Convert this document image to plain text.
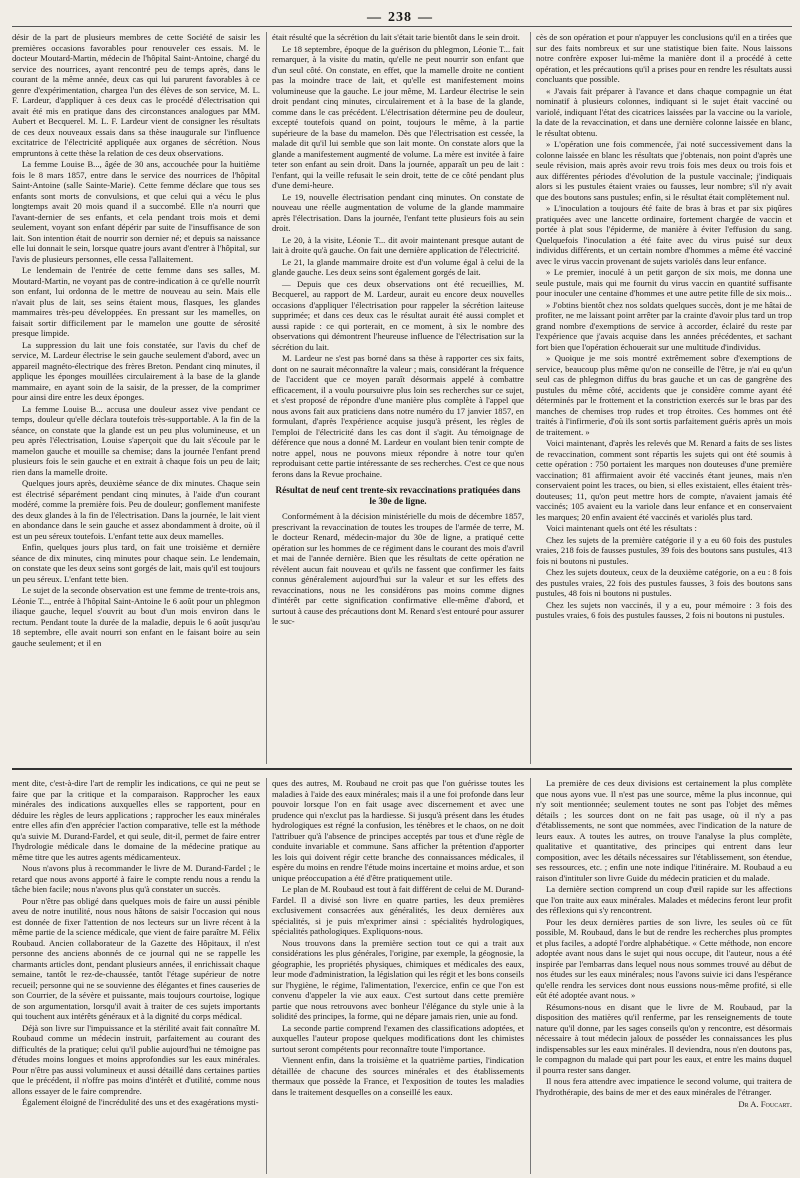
— 238 —

désir de la part de plusieurs membres de cette Société de saisir les premières occasions favorables pour renouveler ces essais. M. le docteur Moutard-Martin, médecin de l'hôpital Saint-Antoine, chargé du service des nourrices, ayant rencontré peu de temps après, dans le courant de la même année, deux cas qui lui parurent favorables à ce genre d'expérimentation, chargea l'un des élèves de son service, M. L. F. Lardeur, d'appliquer à ces deux cas le procédé d'électrisation qui avait été mis en pratique dans des circonstances analogues par MM. Aubert et Becquerel. M. L. F. Lardeur vient de consigner les résultats de ces deux nouveaux essais dans sa thèse inaugurale sur l'influence excitatrice de l'électricité appliquée aux organes de sécrétion. Nous empruntons à cette thèse la relation de ces deux observations.

La femme Louise B..., âgée de 30 ans, accouchée pour la huitième fois le 8 mars 1857, entre dans le service des nourrices de l'hôpital Saint-Antoine (salle Sainte-Marie). Cette femme déclare que tous ses enfants sont morts de convulsions, et que celui qui a vécu le plus longtemps avait 20 mois quand il a succombé. Elle n'a nourri que l'avant-dernier de ses enfants, et cela pendant trois mois et demi seulement, voyant son enfant dépérir par suite de l'insuffisance de son lait. Son intention était de nourrir son dernier né; et depuis sa naissance elle lui donnait le sein, lorsque quatre jours avant d'entrer à l'hôpital, sur l'avis de plusieurs personnes, elle cessa l'allaitement.

Le lendemain de l'entrée de cette femme dans ses salles, M. Moutard-Martin, ne voyant pas de contre-indication à ce qu'elle nourrît son enfant, lui ordonna de le mettre de nouveau au sein. Mais elle n'avait plus de lait, ses seins étaient mous, flasques, les glandes mammaires très-peu développées. En pressant sur les mamelles, on faisait sortir difficilement par le mamelon une goutte de sérosité presque limpide.

La suppression du lait une fois constatée, sur l'avis du chef de service, M. Lardeur électrise le sein gauche seulement d'abord, avec un appareil magnéto-électrique des frères Breton. Pendant cinq minutes, il applique les éponges mouillées circulairement à la base de la glande mammaire, en ayant soin de la saisir, de la presser, de la comprimer pour ainsi dire entre les deux éponges.

La femme Louise B... accusa une douleur assez vive pendant ce temps, douleur qu'elle déclara toutefois très-supportable. A la fin de la séance, on constate que la glande est un peu plus volumineuse, et un peu après l'électrisation, Louise s'aperçoit que du lait s'écoule par le mamelon gauche et mouille sa chemise; dans la journée l'enfant prend plusieurs fois le sein gauche et en extrait à chaque fois un peu de lait; rien dans la mamelle droite.

Quelques jours après, deuxième séance de dix minutes. Chaque sein est électrisé séparément pendant cinq minutes, à l'aide d'un courant modéré, comme la première fois. Peu de douleur; gonflement manifeste des deux glandes à la fin de l'électrisation. Dans la journée, le lait vient en abondance dans le sein gauche et assez abondamment à droite, où il est un peu séreux toutefois. L'enfant tette aux deux mamelles.

Enfin, quelques jours plus tard, on fait une troisième et dernière séance de dix minutes, cinq minutes pour chaque sein. Le lendemain, on constate que les deux seins sont gorgés de lait, mais qu'il est toujours un peu séreux. L'enfant tette bien.

Le sujet de la seconde observation est une femme de trente-trois ans, Léonie T..., entrée à l'hôpital Saint-Antoine le 6 août pour un phlegmon iliaque gauche, lequel s'ouvrit au bout d'un mois environ dans le rectum. Pendant toute la durée de la maladie, depuis le 6 août jusqu'au 18 septembre, elle avait nourri son enfant en le faisant boire au sein gauche seulement; et il en

était résulté que la sécrétion du lait s'était tarie bientôt dans le sein droit.

Le 18 septembre, époque de la guérison du phlegmon, Léonie T... fait remarquer, à la visite du matin, qu'elle ne peut nourrir son enfant que d'un seul côté. On constate, en effet, que la mamelle droite ne contient pas la moindre trace de lait, et qu'elle est manifestement moins volumineuse que la gauche. Le jour même, M. Lardeur électrise le sein droit pendant cinq minutes, circulairement et à la base de la glande, comme dans le cas précédent. L'électrisation détermine peu de douleur, excepté toutefois quand on point, toujours le même, à la partie supérieure de la base du mamelon. Dès que l'électrisation est cessée, la malade dit qu'il lui semble que son lait monte. On constate alors que la glande a manifestement augmenté de volume. La mère est invitée à faire teter son enfant au sein droit. Dans la journée, apparaît un peu de lait : l'enfant, qui la veille refusait le sein droit, tette de ce côté pendant plus d'une demi-heure.

Le 19, nouvelle électrisation pendant cinq minutes. On constate de nouveau une réelle augmentation de volume de la glande mammaire après l'électrisation. Dans la journée, l'enfant tette plusieurs fois au sein droit.

Le 20, à la visite, Léonie T... dit avoir maintenant presque autant de lait à droite qu'à gauche. On fait une dernière application de l'électricité.

Le 21, la glande mammaire droite est d'un volume égal à celui de la glande gauche. Les deux seins sont également gorgés de lait.

— Depuis que ces deux observations ont été recueillies, M. Becquerel, au rapport de M. Lardeur, aurait eu encore deux nouvelles occasions d'appliquer l'électrisation pour rappeler la sécrétion laiteuse supprimée; et dans ces deux cas le résultat aurait été aussi complet et aussi rapide : ce qui porterait, en ce moment, à six le nombre des observations qui démontrent l'heureuse influence de l'électrisation sur la sécrétion du lait.

M. Lardeur ne s'est pas borné dans sa thèse à rapporter ces six faits, dont on ne saurait méconnaître la valeur ; mais, considérant la fréquence de l'accident que ce moyen paraît désormais appelé à combattre efficacement, il a voulu poursuivre plus loin ses recherches sur ce sujet, et s'est proposé de répondre d'une manière plus complète à l'appel que nous avons fait aux praticiens dans notre numéro du 17 janvier 1857, en formulant, d'après l'expérience acquise jusqu'à présent, les règles de l'emploi de l'électricité dans les cas dont il s'agit. Au témoignage de déférence que nous a donné M. Lardeur en voulant bien tenir compte de notre appel, nous ne pouvons mieux répondre à notre tour qu'en reproduisant cette partie intéressante de ses recherches. C'est ce que nous ferons dans la Revue prochaine.

Résultat de neuf cent trente-six revaccinations pratiquées dans le 30e de ligne.

Conformément à la décision ministérielle du mois de décembre 1857, prescrivant la revaccination de toutes les troupes de l'armée de terre, M. le docteur Renard, médecin-major du 30e de ligne, a pratiqué cette opération sur les hommes de ce régiment dans le courant des mois d'avril et mai de l'année dernière. Bien que les résultats de cette opération ne révèlent aucun fait nouveau et qu'ils ne fassent que confirmer les faits connus généralement aujourd'hui sur la valeur et sur les effets des revaccinations, nous ne les considérons pas moins comme dignes d'intérêt par cette signification confirmative elle-même d'abord, et surtout à cause des précautions dont M. Renard s'est entouré pour assurer le suc-

cès de son opération et pour n'appuyer les conclusions qu'il en a tirées que sur des faits nombreux et sur une statistique bien faite. Nous laissons notre confrère exposer lui-même la manière dont il a procédé à cette opération, et les précautions qu'il a prises pour en rendre les résultats aussi concluants que possible.

« J'avais fait préparer à l'avance et dans chaque compagnie un état nominatif à plusieurs colonnes, indiquant si le sujet était vacciné ou variolé, indiquant l'état des cicatrices laissées par la vaccine ou la variole, la date de la revaccination, et dans une dernière colonne laissée en blanc, le résultat obtenu.

» L'opération une fois commencée, j'ai noté successivement dans la colonne laissée en blanc les résultats que j'obtenais, non point d'après une seule révision, mais après avoir revu trois fois mes deux ou trois fois et aux différentes périodes d'évolution de la pustule vaccinale; j'indiquais alors si les pustules étaient vraies ou fausses, leur nombre; s'il n'y avait que des boutons sans pustules; enfin, si le résultat était complètement nul.

» L'inoculation a toujours été faite de bras à bras et par six piqûres pratiquées avec une lancette ordinaire, fortement chargée de vaccin et portée à plat sous l'épiderme, de manière à éviter l'effusion du sang. Quelquefois l'inoculation a été faite avec du virus puisé sur deux individus différents, et un certain nombre d'hommes a même été vacciné avec le virus vaccin provenant de sujets variolés dans leur enfance.

» Le premier, inoculé à un petit garçon de six mois, me donna une seule pustule, mais qui me fournit du virus vaccin en quantité suffisante pour inoculer une centaine d'hommes et une autre petite fille de six mois...

» J'obtins bientôt chez nos soldats quelques succès, dont je me hâtai de profiter, ne me laissant point arrêter par la crainte d'avoir plus tard un trop grand nombre d'exemptions de service à accorder, éclairé du reste par l'expérience que j'avais acquise dans les années précédentes, et sachant fort bien que l'opération échouerait sur une multitude d'individus.

» Quoique je me sois montré extrêmement sobre d'exemptions de service, beaucoup plus même qu'on ne conseille de l'être, je n'ai eu qu'un seul cas de phlegmon diffus du bras gauche et un cas de gangrène des pustules du même côté, accidents que je considère comme ayant été déterminés par le frottement et la constriction exercés sur le bras par des manches de chemises trop rudes et trop étroites. Ces hommes ont été traités à l'infirmerie, d'où ils sont sortis parfaitement guéris après un mois de traitement. »

Voici maintenant, d'après les relevés que M. Renard a faits de ses listes de revaccination, comment sont répartis les sujets qui ont été soumis à cette opération : 750 portaient les marques non douteuses d'une première vaccination; 81 affirmaient avoir été vaccinés étant jeunes, mais n'en conservaient point les traces, ou bien, si elles existaient, elles étaient très-douteuses; 11, qu'on peut mettre hors de compte, n'avaient jamais été vaccinés; 105 avaient eu la variole dans leur enfance et en conservaient les marques; 20 enfin avaient été vaccinés et variolés plus tard.

Voici maintenant quels ont été les résultats :

Chez les sujets de la première catégorie il y a eu 60 fois des pustules vraies, 218 fois de fausses pustules, 39 fois des boutons sans pustules, 413 fois ni boutons ni pustules.

Chez les sujets douteux, ceux de la deuxième catégorie, on a eu : 8 fois des pustules vraies, 22 fois des pustules fausses, 3 fois des boutons sans pustules, 48 fois ni boutons ni pustules.

Chez les sujets non vaccinés, il y a eu, pour mémoire : 3 fois des pustules vraies, 6 fois des pustules fausses, 2 fois ni boutons ni pustules.

ment dite, c'est-à-dire l'art de remplir les indications, ce qui ne peut se faire que par la critique et la comparaison. Rapprocher les eaux minérales des indications auxquelles elles se rapportent, pour en déduire les règles de leurs applications ; rapprocher les eaux minérales entre elles afin d'en apprécier l'action comparative, telle est la méthode qu'a suivie M. Durand-Fardel, et qui seule, dit-il, permet de faire entrer l'hydrologie médicale dans le domaine de la médecine pratique au même titre que les autres agents médicamenteux.

Nous n'avons plus à recommander le livre de M. Durand-Fardel ; le retard que nous avons apporté à faire le compte rendu nous a rendu la tâche bien facile; nous n'avons plus qu'à constater un succès.

Pour n'être pas obligé dans quelques mois de faire un aussi pénible aveu de notre inutilité, nous nous hâtons de saisir l'occasion qui nous est donnée de fixer l'attention de nos lecteurs sur un livre récent à la même partie de la science médicale, que vient de faire paraître M. Félix Roubaud. Ancien collaborateur de la Gazette des Hôpitaux, il n'est personne des anciens abonnés de ce journal qui ne se rappelle les charmants articles dont, pendant plusieurs années, il enrichissait chaque semaine, tantôt le rez-de-chaussée, tantôt l'étage supérieur de notre recueil; personne qui ne se souvienne des élégantes et fines causeries de son Courrier, de la sévère et puissante, mais toujours courtoise, logique de son argumentation, lorsqu'il avait à traiter de ces sujets importants qui touchent aux intérêts généraux et à la dignité du corps médical.

Déjà son livre sur l'impuissance et la stérilité avait fait connaître M. Roubaud comme un médecin instruit, parfaitement au courant des difficultés de la pratique; celui qu'il publie aujourd'hui ne témoigne pas d'études moins longues et moins approfondies sur les eaux minérales. Pour n'être pas aussi volumineux et aussi détaillé dans certaines parties que le précédent, il n'offre pas moins d'intérêt et d'utilité, comme nous allons essayer de le faire comprendre.

Également éloigné de l'incrédulité des uns et des exagérations mysti-

ques des autres, M. Roubaud ne croit pas que l'on guérisse toutes les maladies à l'aide des eaux minérales; mais il a une foi profonde dans leur pouvoir lorsque l'on en fait usage avec discernement et avec une prudence qui n'exclut pas la hardiesse. Si jusqu'à présent dans les études hydrologiques est régné la confusion, les ténèbres et le chaos, on ne doit l'attribuer qu'à l'absence de principes acceptés par tous et d'une règle de conduite invariable et commune. Sans afficher la prétention d'apporter les lois qui doivent régir cette branche des connaissances médicales, il espère du moins en rendre l'étude moins incertaine et moins ardue, et son unique préoccupation a été d'être pratiquement utile.

Le plan de M. Roubaud est tout à fait différent de celui de M. Durand-Fardel. Il a divisé son livre en quatre parties, les deux premières exclusivement consacrées aux généralités, les deux dernières aux spécialités, si je puis m'exprimer ainsi : spécialités hydrologiques, spécialités pathologiques. Expliquons-nous.

Nous trouvons dans la première section tout ce qui a trait aux considérations les plus générales, l'origine, par exemple, la géognosie, la géographie, les propriétés physiques, chimiques et médicales des eaux, leur mode d'administration, la législation qui les régit et les bons conseils sur l'hygiène, le régime, l'alimentation, l'exercice, enfin ce que l'on est convenu d'appeler la vie aux eaux. C'est surtout dans cette première partie que nous retrouvons avec bonheur l'élégance du style unie à la solidité des principes, la forme, qui ne dépare jamais rien, unie au fond.

La seconde partie comprend l'examen des classifications adoptées, et auxquelles l'auteur propose quelques modifications dont les chimistes surtout seront compétents pour reconnaître toute l'importance.

Viennent enfin, dans la troisième et la quatrième parties, l'indication détaillée de chacune des sources minérales et des établissements thermaux que possède la France, et l'exposition de toutes les maladies dans le traitement desquelles on a conseillé les eaux.

La première de ces deux divisions est certainement la plus complète que nous ayons vue. Il n'est pas une source, même la plus inconnue, qui n'y soit mentionnée; seulement toutes ne sont pas l'objet des mêmes détails ; les sources dont on ne fait pas usage, où il n'y a pas d'établissements, ne sont que nommées, avec l'indication de la nature de leurs eaux. A toutes les autres, on trouve l'analyse la plus complète, qualitative et quantitative, des principes qui entrent dans leur composition, avec les détails nécessaires sur l'établissement, son étendue, ses ressources, etc. ; enfin une note indique l'itinéraire. M. Roubaud a eu raison d'intituler son livre Guide du médecin praticien et du malade.

La dernière section comprend un coup d'œil rapide sur les affections que l'on traite aux eaux minérales. Malades et médecins feront leur profit des réflexions qui s'y rencontrent.

Pour les deux dernières parties de son livre, les seules où ce fût possible, M. Roubaud, dans le but de rendre les recherches plus promptes et plus faciles, a adopté l'ordre alphabétique. « Cette méthode, non encore adoptée avant nous dans le sujet qui nous occupe, dit l'auteur, nous a été inspirée par l'embarras dans lequel nous nous sommes trouvé au début de nos études sur les eaux minérales; nous l'avons suivie ici dans l'espérance qu'elle rendra les services dont nous eussions nous-même profité, si elle eût été adoptée avant nous. »

Résumons-nous en disant que le livre de M. Roubaud, par la disposition des matières qu'il renferme, par les renseignements de toute nature qu'il donne, par les sages conseils qu'on y rencontre, est désormais nécessaire à tout médecin jaloux de posséder les connaissances les plus indispensables sur les eaux minérales. Il deviendra, nous n'en doutons pas, le compagnon du malade qui part pour les eaux, et entre les mains duquel il pourra rester sans danger.

Il nous fera attendre avec impatience le second volume, qui traitera de l'hydrothérapie, des bains de mer et des eaux minérales de l'étranger.

Dr A. Foucart.
